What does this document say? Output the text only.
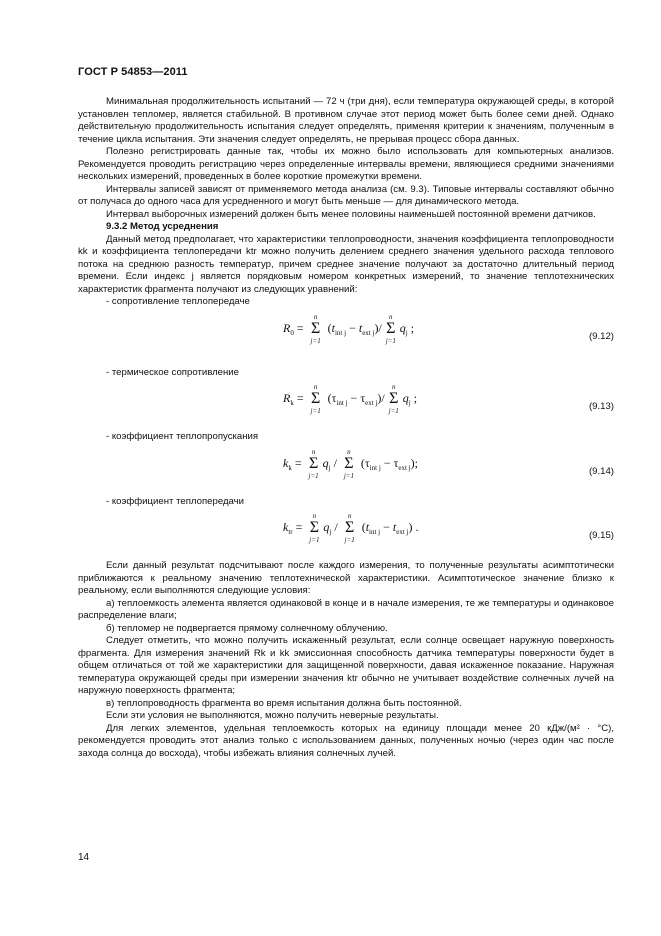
ГОСТ Р 54853—2011

Минимальная продолжительность испытаний — 72 ч (три дня), если температура окружающей среды, в которой установлен тепломер, является стабильной. В противном случае этот период может быть более семи дней. Однако действительную продолжительность испытания следует определять, применяя критерии к значениям, полученным в течение цикла испытания. Эти значения следует определять, не прерывая процесс сбора данных.

Полезно регистрировать данные так, чтобы их можно было использовать для компьютерных анализов. Рекомендуется проводить регистрацию через определенные интервалы времени, являющиеся средними значениями нескольких измерений, проведенных в более короткие промежутки времени.

Интервалы записей зависят от применяемого метода анализа (см. 9.3). Типовые интервалы составляют обычно от получаса до одного часа для усредненного и могут быть меньше — для динамического метода.

Интервал выборочных измерений должен быть менее половины наименьшей постоянной времени датчиков.

9.3.2 Метод усреднения

Данный метод предполагает, что характеристики теплопроводности, значения коэффициента теплопроводности kk и коэффициента теплопередачи ktr можно получить делением среднего значения удельного расхода теплового потока на среднюю разность температур, причем среднее значение получают за достаточно длительный период времени. Если индекс j является порядковым номером конкретных измерений, то значение теплотехнических характеристик фрагмента получают из следующих уравнений:

- сопротивление теплопередаче

$R_0$ =
n
Σ
j=1
$(t_{int j} - t_{ext j})/$
n
Σ
j=1
$q_j$ ;
(9.12)

- термическое сопротивление

$R_k$ =
n
Σ
j=1
$(\tau_{int j} - \tau_{ext j})/$
n
Σ
j=1
$q_j$ ;
(9.13)

- коэффициент теплопропускания

$k_k$ =
n
Σ
j=1
$q_j$ /
n
Σ
j=1
$(\tau_{int j} - \tau_{ext j})$;
(9.14)

- коэффициент теплопередачи

$k_{tr}$ =
n
Σ
j=1
$q_j$ /
n
Σ
j=1
$(t_{int j} - t_{ext j})$ .
(9.15)

Если данный результат подсчитывают после каждого измерения, то полученные результаты асимптотически приближаются к реальному значению теплотехнической характеристики. Асимптотическое значение близко к реальному, если выполняются следующие условия:

а) теплоемкость элемента является одинаковой в конце и в начале измерения, те же температуры и одинаковое распределение влаги;

б) тепломер не подвергается прямому солнечному облучению.

Следует отметить, что можно получить искаженный результат, если солнце освещает наружную поверхность фрагмента. Для измерения значений Rk и kk эмиссионная способность датчика температуры поверхности будет в общем отличаться от той же характеристики для защищенной поверхности, давая искаженное показание. Наружная температура окружающей среды при измерении значения ktr обычно не учитывает воздействие солнечных лучей на наружную поверхность фрагмента;

в) теплопроводность фрагмента во время испытания должна быть постоянной.

Если эти условия не выполняются, можно получить неверные результаты.

Для легких элементов, удельная теплоемкость которых на единицу площади менее 20 кДж/(м² · °C), рекомендуется проводить этот анализ только с использованием данных, полученных ночью (через один час после захода солнца до восхода), чтобы избежать влияния солнечных лучей.

14
